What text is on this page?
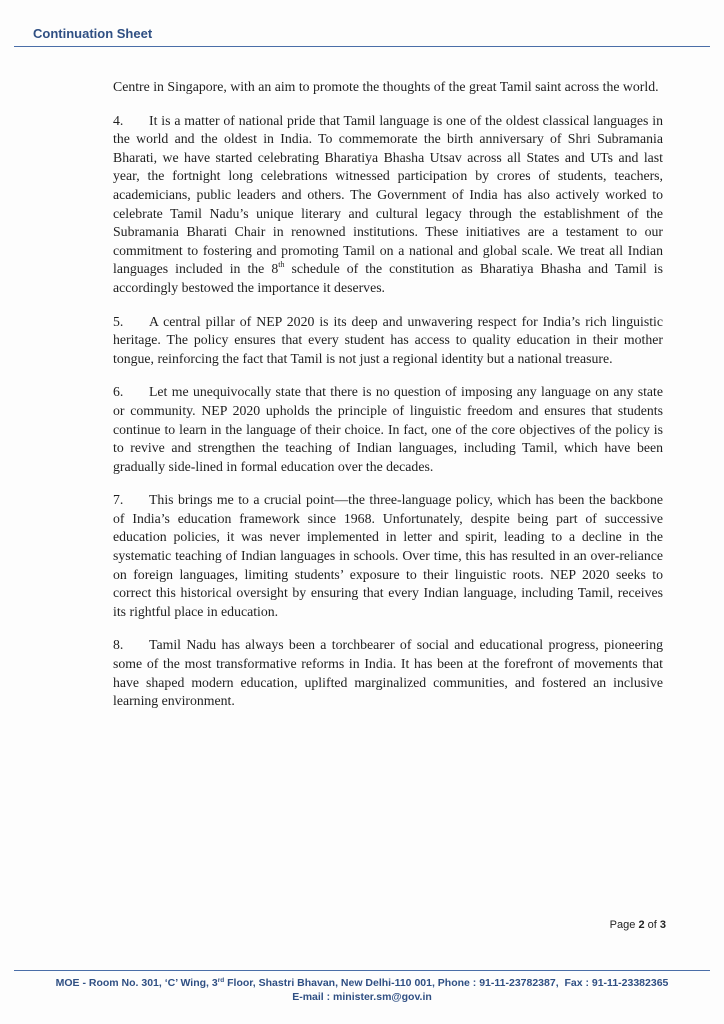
Continuation Sheet

Centre in Singapore, with an aim to promote the thoughts of the great Tamil saint across the world.

4. It is a matter of national pride that Tamil language is one of the oldest classical languages in the world and the oldest in India. To commemorate the birth anniversary of Shri Subramania Bharati, we have started celebrating Bharatiya Bhasha Utsav across all States and UTs and last year, the fortnight long celebrations witnessed participation by crores of students, teachers, academicians, public leaders and others. The Government of India has also actively worked to celebrate Tamil Nadu’s unique literary and cultural legacy through the establishment of the Subramania Bharati Chair in renowned institutions. These initiatives are a testament to our commitment to fostering and promoting Tamil on a national and global scale. We treat all Indian languages included in the 8th schedule of the constitution as Bharatiya Bhasha and Tamil is accordingly bestowed the importance it deserves.

5. A central pillar of NEP 2020 is its deep and unwavering respect for India’s rich linguistic heritage. The policy ensures that every student has access to quality education in their mother tongue, reinforcing the fact that Tamil is not just a regional identity but a national treasure.

6. Let me unequivocally state that there is no question of imposing any language on any state or community. NEP 2020 upholds the principle of linguistic freedom and ensures that students continue to learn in the language of their choice. In fact, one of the core objectives of the policy is to revive and strengthen the teaching of Indian languages, including Tamil, which have been gradually side-lined in formal education over the decades.

7. This brings me to a crucial point—the three-language policy, which has been the backbone of India’s education framework since 1968. Unfortunately, despite being part of successive education policies, it was never implemented in letter and spirit, leading to a decline in the systematic teaching of Indian languages in schools. Over time, this has resulted in an over-reliance on foreign languages, limiting students’ exposure to their linguistic roots. NEP 2020 seeks to correct this historical oversight by ensuring that every Indian language, including Tamil, receives its rightful place in education.

8. Tamil Nadu has always been a torchbearer of social and educational progress, pioneering some of the most transformative reforms in India. It has been at the forefront of movements that have shaped modern education, uplifted marginalized communities, and fostered an inclusive learning environment.

Page 2 of 3
MOE - Room No. 301, ‘C’ Wing, 3rd Floor, Shastri Bhavan, New Delhi-110 001, Phone : 91-11-23782387,  Fax : 91-11-23382365
E-mail : minister.sm@gov.in
